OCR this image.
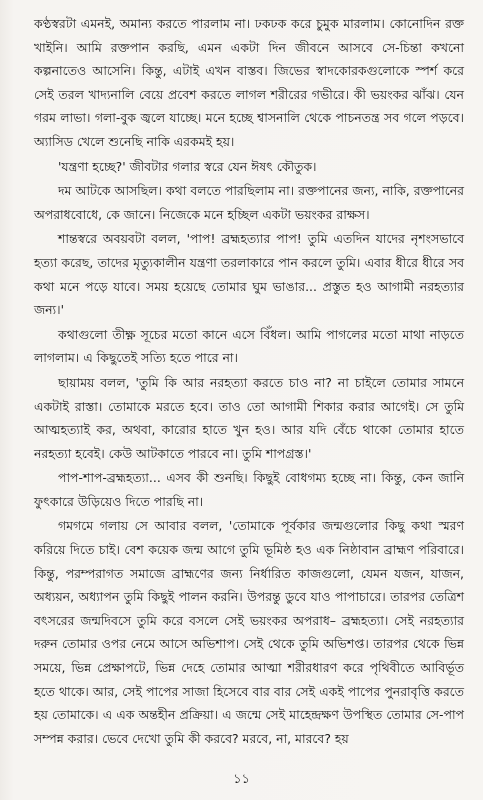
কণ্ঠস্বরটা এমনই, অমান্য করতে পারলাম না। ঢকঢক করে চুমুক মারলাম। কোনোদিন রক্ত খাইনি। আমি রক্তপান করছি, এমন একটা দিন জীবনে আসবে সে-চিন্তা কখনো কল্পনাতেও আসেনি। কিন্তু, এটাই এখন বাস্তব। জিভের স্বাদকোরকগুলোকে স্পর্শ করে সেই তরল খাদ্যনালি বেয়ে প্রবেশ করতে লাগল শরীরের গভীরে। কী ভয়ংকর ঝাঁঝ। যেন গরম লাভা। গলা-বুক জ্বলে যাচ্ছে। মনে হচ্ছে শ্বাসনালি থেকে পাচনতন্ত্র সব গলে পড়বে। অ্যাসিড খেলে শুনেছি নাকি এরকমই হয়।

'যন্ত্রণা হচ্ছে?' জীবটার গলার স্বরে যেন ঈষৎ কৌতুক।

দম আটকে আসছিল। কথা বলতে পারছিলাম না। রক্তপানের জন্য, নাকি, রক্তপানের অপরাধবোধে, কে জানে। নিজেকে মনে হচ্ছিল একটা ভয়ংকর রাক্ষস।

শান্তস্বরে অবয়বটা বলল, 'পাপ! ব্রহ্মহত্যার পাপ! তুমি এতদিন যাদের নৃশংসভাবে হত্যা করেছ, তাদের মৃত্যুকালীন যন্ত্রণা তরলাকারে পান করলে তুমি। এবার ধীরে ধীরে সব কথা মনে পড়ে যাবে। সময় হয়েছে তোমার ঘুম ভাঙার... প্রস্তুত হও আগামী নরহত্যার জন্য।'

কথাগুলো তীক্ষ্ণ সূচের মতো কানে এসে বিঁধল। আমি পাগলের মতো মাথা নাড়তে লাগলাম। এ কিছুতেই সত্যি হতে পারে না।

ছায়াময় বলল, 'তুমি কি আর নরহত্যা করতে চাও না? না চাইলে তোমার সামনে একটাই রাস্তা। তোমাকে মরতে হবে। তাও তো আগামী শিকার করার আগেই। সে তুমি আত্মহত্যাই কর, অথবা, কারোর হাতে খুন হও। আর যদি বেঁচে থাকো তোমার হাতে নরহত্যা হবেই। কেউ আটকাতে পারবে না। তুমি শাপগ্রস্ত।'

পাপ-শাপ-ব্রহ্মহত্যা... এসব কী শুনছি। কিছুই বোধগম্য হচ্ছে না। কিন্তু, কেন জানি ফুৎকারে উড়িয়েও দিতে পারছি না।

গমগমে গলায় সে আবার বলল, 'তোমাকে পূর্বকার জন্মগুলোর কিছু কথা স্মরণ করিয়ে দিতে চাই। বেশ কয়েক জন্ম আগে তুমি ভূমিষ্ঠ হও এক নিষ্ঠাবান ব্রাহ্মণ পরিবারে। কিন্তু, পরম্পরাগত সমাজে ব্রাহ্মণের জন্য নির্ধারিত কাজগুলো, যেমন যজন, যাজন, অধ্যয়ন, অধ্যাপন তুমি কিছুই পালন করনি। উপরন্তু ডুবে যাও পাপাচারে। তারপর তেত্রিশ বৎসরের জন্মদিবসে তুমি করে বসলে সেই ভয়ংকর অপরাধ– ব্রহ্মহত্যা। সেই নরহত্যার দরুন তোমার ওপর নেমে আসে অভিশাপ। সেই থেকে তুমি অভিশপ্ত। তারপর থেকে ভিন্ন সময়ে, ভিন্ন প্রেক্ষাপটে, ভিন্ন দেহে তোমার আত্মা শরীরধারণ করে পৃথিবীতে আবির্ভূত হতে থাকে। আর, সেই পাপের সাজা হিসেবে বার বার সেই একই পাপের পুনরাবৃত্তি করতে হয় তোমাকে। এ এক অন্তহীন প্রক্রিয়া। এ জন্মে সেই মাহেন্দ্রক্ষণ উপস্থিত তোমার সে-পাপ সম্পন্ন করার। ভেবে দেখো তুমি কী করবে? মরবে, না, মারবে? হয়

১১
